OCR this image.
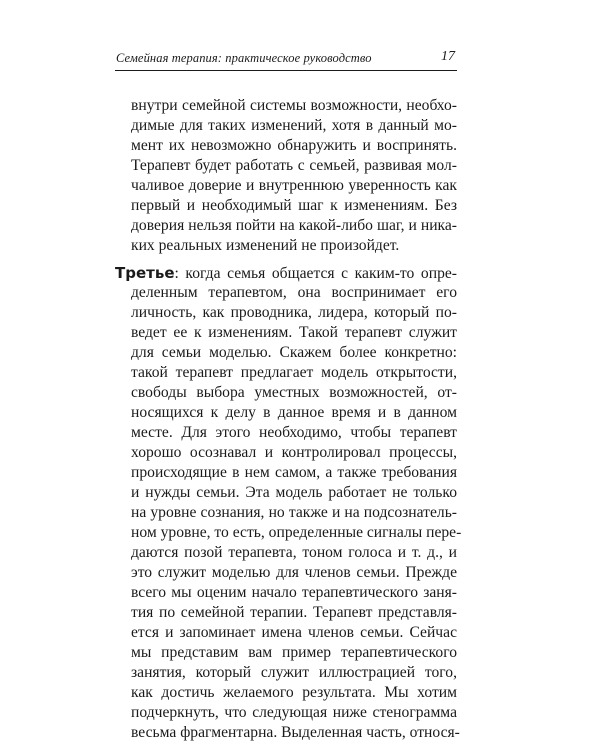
Семейная терапия: практическое руководство	17
внутри семейной системы возможности, необхо-
димые для таких изменений, хотя в данный мо-
мент их невозможно обнаружить и воспринять.
Терапевт будет работать с семьей, развивая мол-
чаливое доверие и внутреннюю уверенность как
первый и необходимый шаг к изменениям. Без
доверия нельзя пойти на какой-либо шаг, и ника-
ких реальных изменений не произойдет.
Третье: когда семья общается с каким-то опре-
деленным терапевтом, она воспринимает его
личность, как проводника, лидера, который по-
ведет ее к изменениям. Такой терапевт служит
для семьи моделью. Скажем более конкретно:
такой терапевт предлагает модель открытости,
свободы выбора уместных возможностей, от-
носящихся к делу в данное время и в данном
месте. Для этого необходимо, чтобы терапевт
хорошо осознавал и контролировал процессы,
происходящие в нем самом, а также требования
и нужды семьи. Эта модель работает не только
на уровне сознания, но также и на подсознатель-
ном уровне, то есть, определенные сигналы пере-
даются позой терапевта, тоном голоса и т. д., и
это служит моделью для членов семьи. Прежде
всего мы оценим начало терапевтического заня-
тия по семейной терапии. Терапевт представля-
ется и запоминает имена членов семьи. Сейчас
мы представим вам пример терапевтического
занятия, который служит иллюстрацией того,
как достичь желаемого результата. Мы хотим
подчеркнуть, что следующая ниже стенограмма
весьма фрагментарна. Выделенная часть, относя-
